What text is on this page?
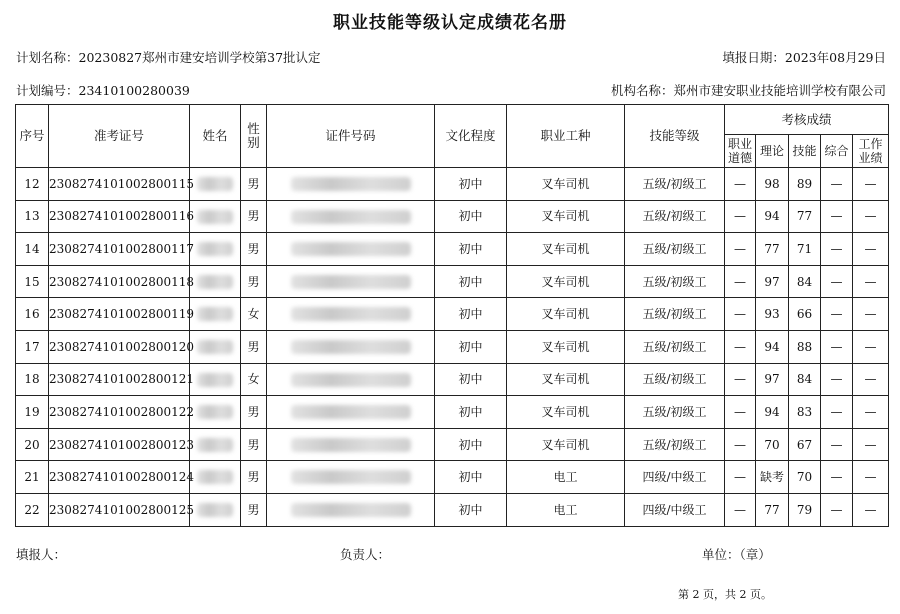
职业技能等级认定成绩花名册
计划名称：20230827郑州市建安培训学校第37批认定	填报日期：2023年08月29日
计划编号：23410100280039	机构名称：郑州市建安职业技能培训学校有限公司
序号	准考证号	姓名	性别	证件号码	文化程度	职业工种	技能等级	考核成绩				
								职业道德	理论	技能	综合	工作业绩
12	2308274101002800115		男		初中	叉车司机	五级/初级工	—	98	89	—	—
13	2308274101002800116		男		初中	叉车司机	五级/初级工	—	94	77	—	—
14	2308274101002800117		男		初中	叉车司机	五级/初级工	—	77	71	—	—
15	2308274101002800118		男		初中	叉车司机	五级/初级工	—	97	84	—	—
16	2308274101002800119		女		初中	叉车司机	五级/初级工	—	93	66	—	—
17	2308274101002800120		男		初中	叉车司机	五级/初级工	—	94	88	—	—
18	2308274101002800121		女		初中	叉车司机	五级/初级工	—	97	84	—	—
19	2308274101002800122		男		初中	叉车司机	五级/初级工	—	94	83	—	—
20	2308274101002800123		男		初中	叉车司机	五级/初级工	—	70	67	—	—
21	2308274101002800124		男		初中	电工	四级/中级工	—	缺考	70	—	—
22	2308274101002800125		男		初中	电工	四级/中级工	—	77	79	—	—
填报人：	负责人：	单位：（章）
第 2 页，共 2 页。
